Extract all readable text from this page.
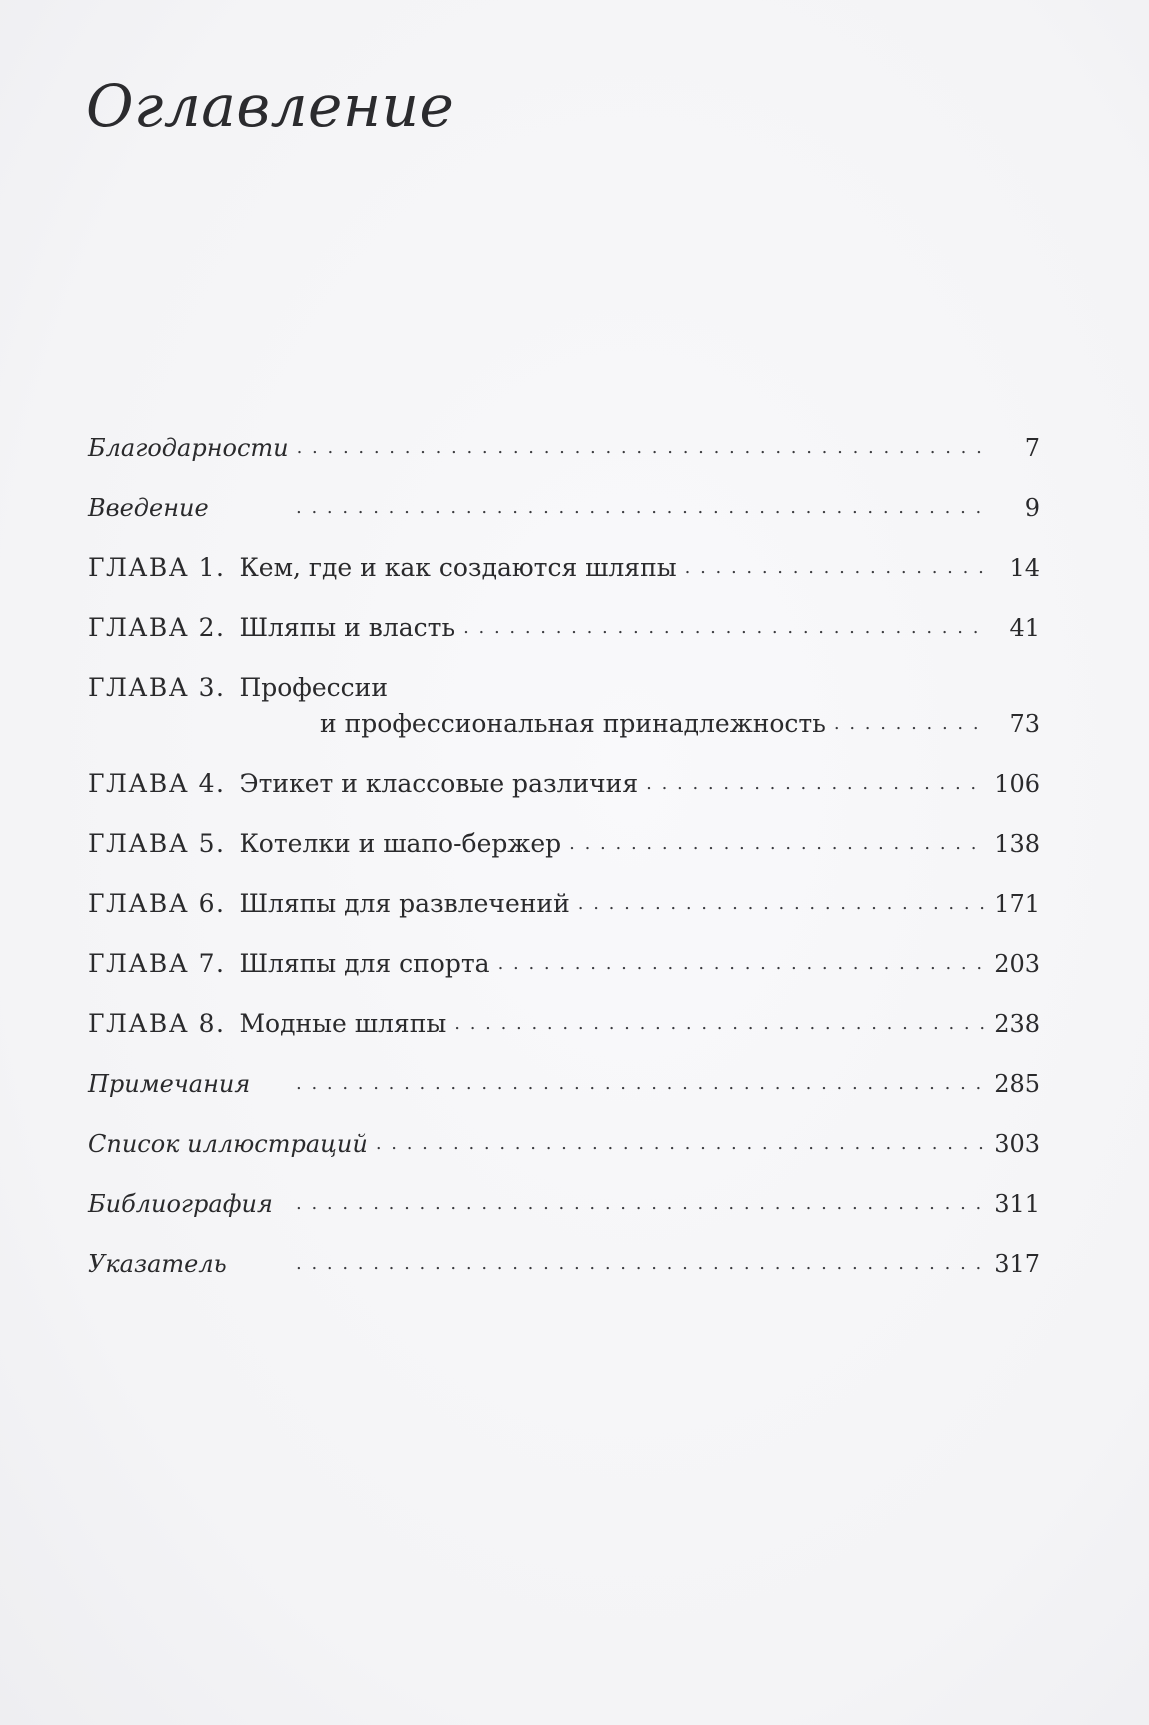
Оглавление
Благодарности . . .	7
Введение . . .	9
ГЛАВА 1. Кем, где и как создаются шляпы . . .	14
ГЛАВА 2. Шляпы и власть . . .	41
ГЛАВА 3. Профессии
и профессиональная принадлежность . . .	73
ГЛАВА 4. Этикет и классовые различия . . .	106
ГЛАВА 5. Котелки и шапо-бержер . . .	138
ГЛАВА 6. Шляпы для развлечений . . .	171
ГЛАВА 7. Шляпы для спорта . . .	203
ГЛАВА 8. Модные шляпы . . .	238
Примечания . . .	285
Список иллюстраций . . .	303
Библиография . . .	311
Указатель . . .	317
